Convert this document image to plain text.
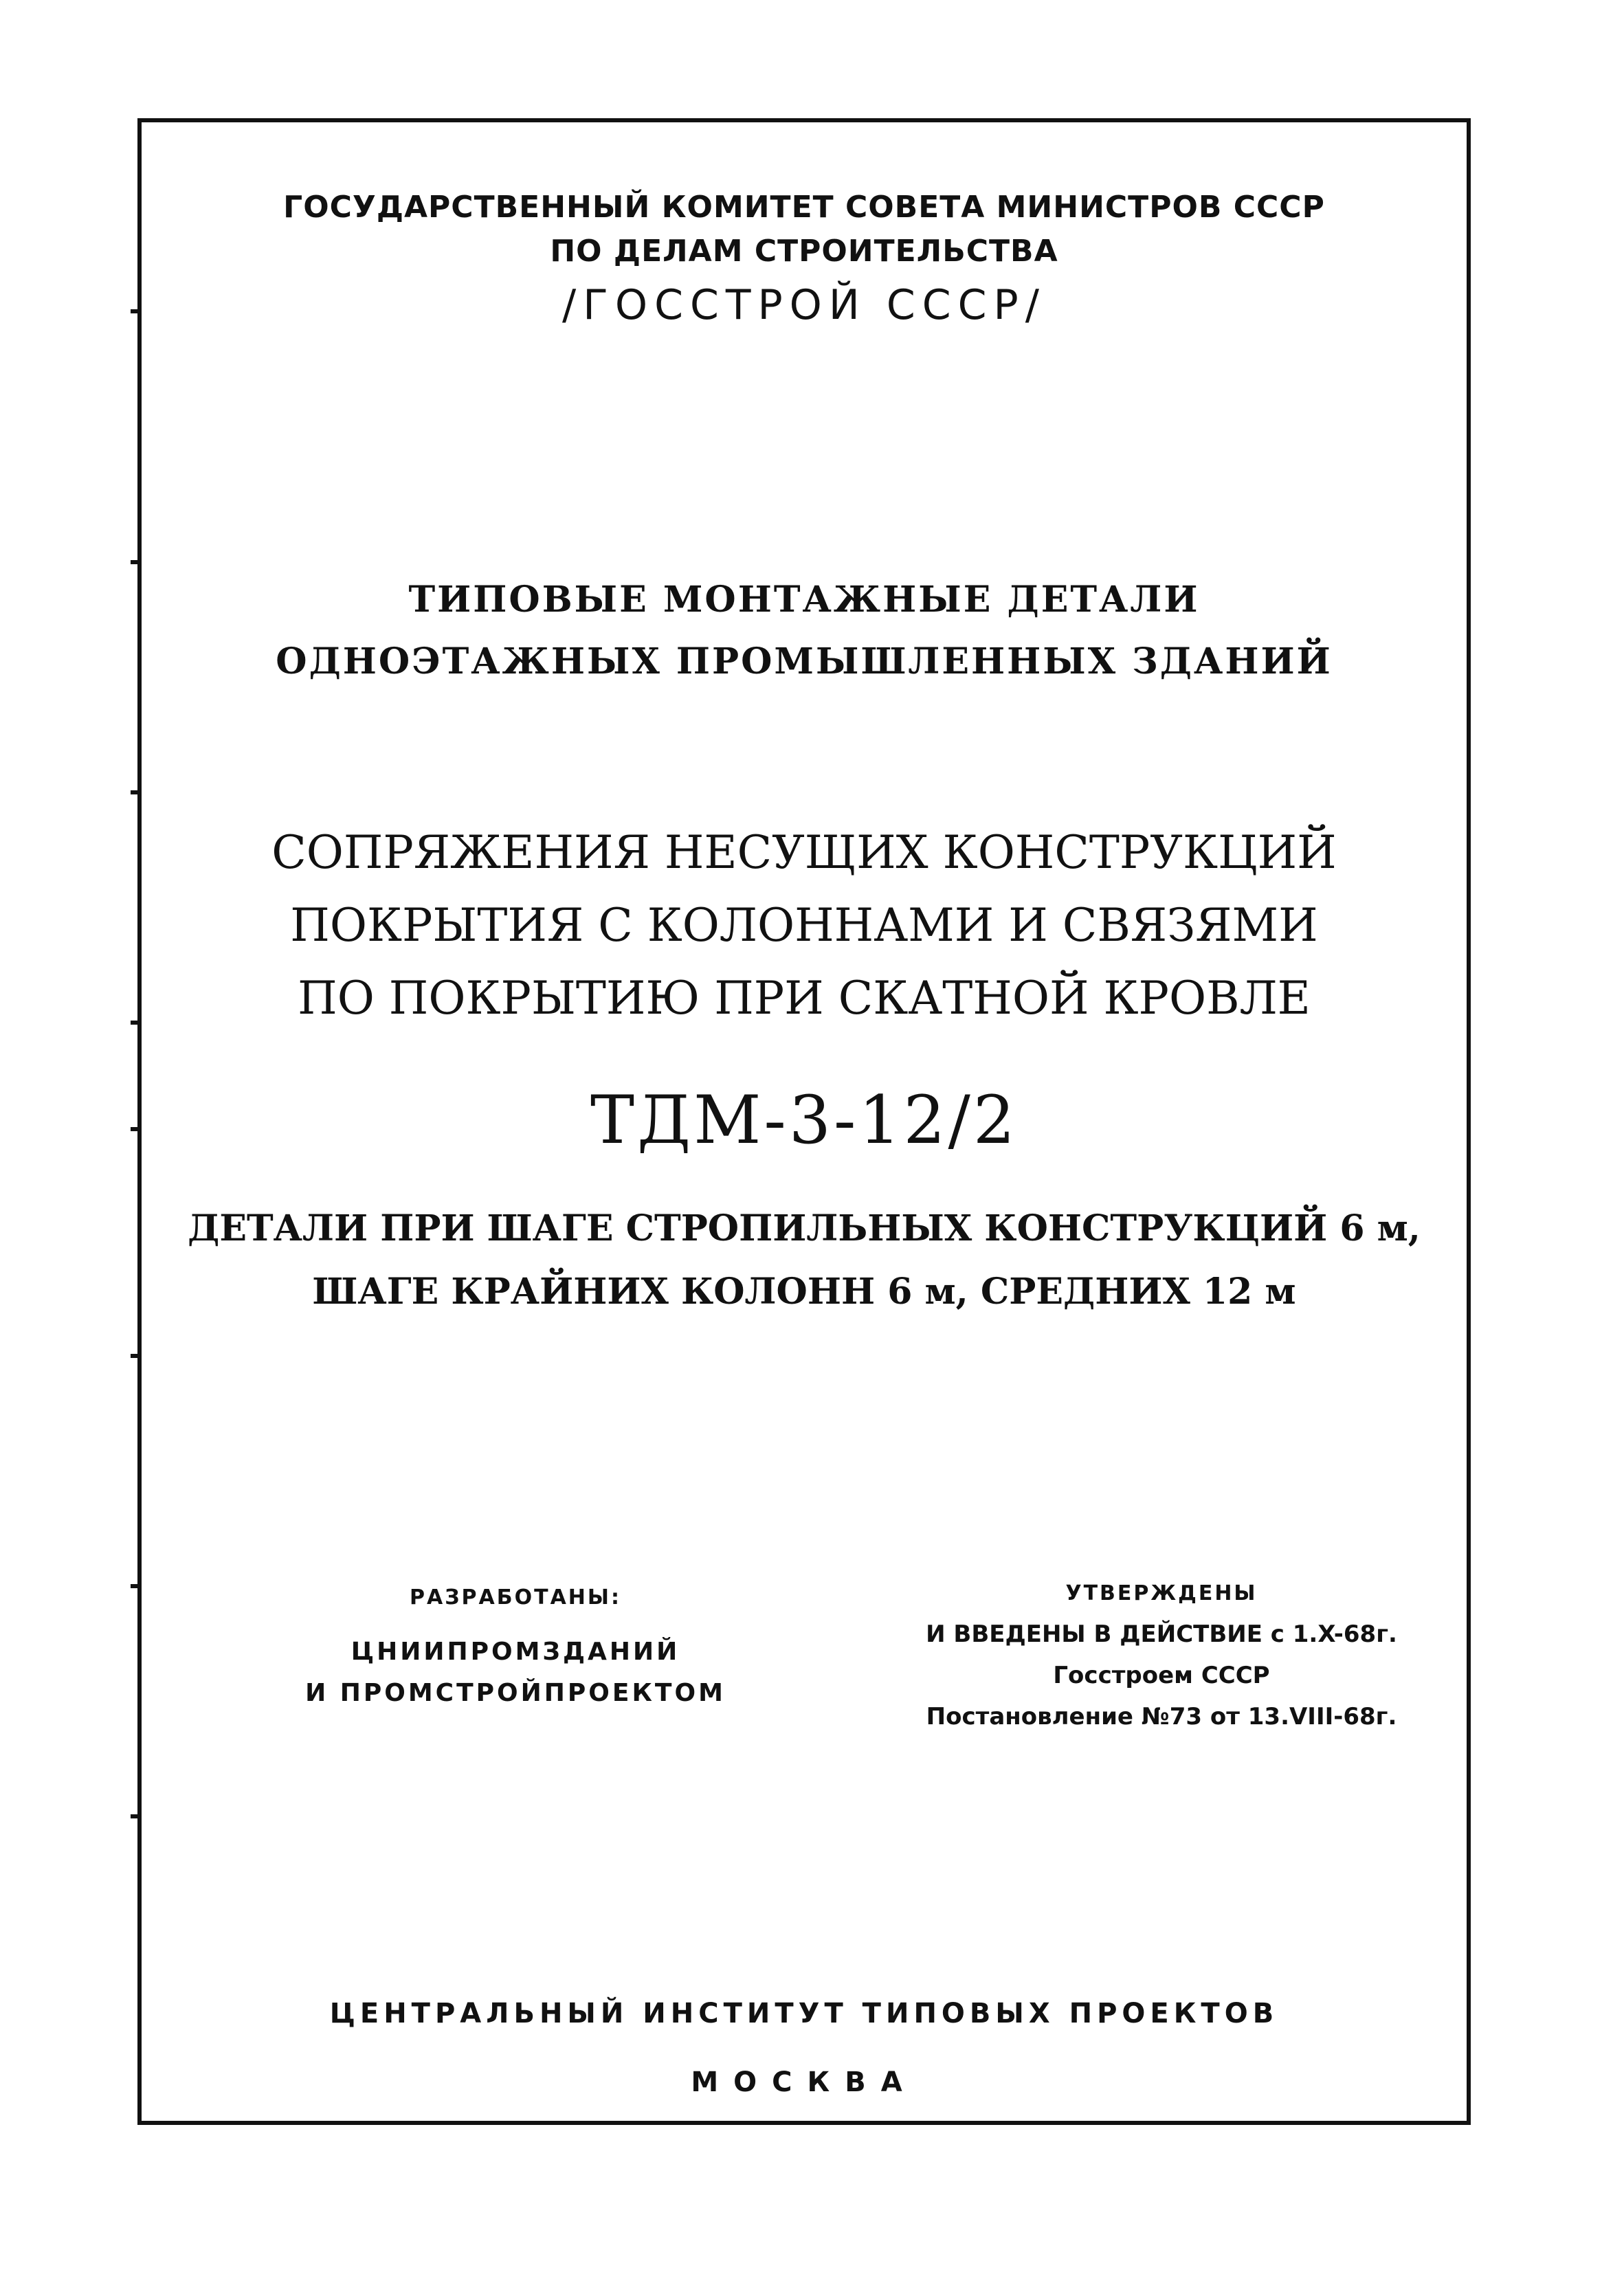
ГОСУДАРСТВЕННЫЙ КОМИТЕТ СОВЕТА МИНИСТРОВ СССР
ПО ДЕЛАМ СТРОИТЕЛЬСТВА
/ГОССТРОЙ СССР/
ТИПОВЫЕ МОНТАЖНЫЕ ДЕТАЛИ
ОДНОЭТАЖНЫХ ПРОМЫШЛЕННЫХ ЗДАНИЙ
СОПРЯЖЕНИЯ НЕСУЩИХ КОНСТРУКЦИЙ
ПОКРЫТИЯ С КОЛОННАМИ И СВЯЗЯМИ
ПО ПОКРЫТИЮ ПРИ СКАТНОЙ КРОВЛЕ
ТДМ-3-12/2
ДЕТАЛИ ПРИ ШАГЕ СТРОПИЛЬНЫХ КОНСТРУКЦИЙ 6 м,
ШАГЕ КРАЙНИХ КОЛОНН 6 м, СРЕДНИХ 12 м
РАЗРАБОТАНЫ:
ЦНИИПРОМЗДАНИЙ
И ПРОМСТРОЙПРОЕКТОМ
УТВЕРЖДЕНЫ
И ВВЕДЕНЫ В ДЕЙСТВИЕ с 1.X-68г.
Госстроем СССР
Постановление №73 от 13.VIII-68г.
ЦЕНТРАЛЬНЫЙ ИНСТИТУТ ТИПОВЫХ ПРОЕКТОВ
МОСКВА
